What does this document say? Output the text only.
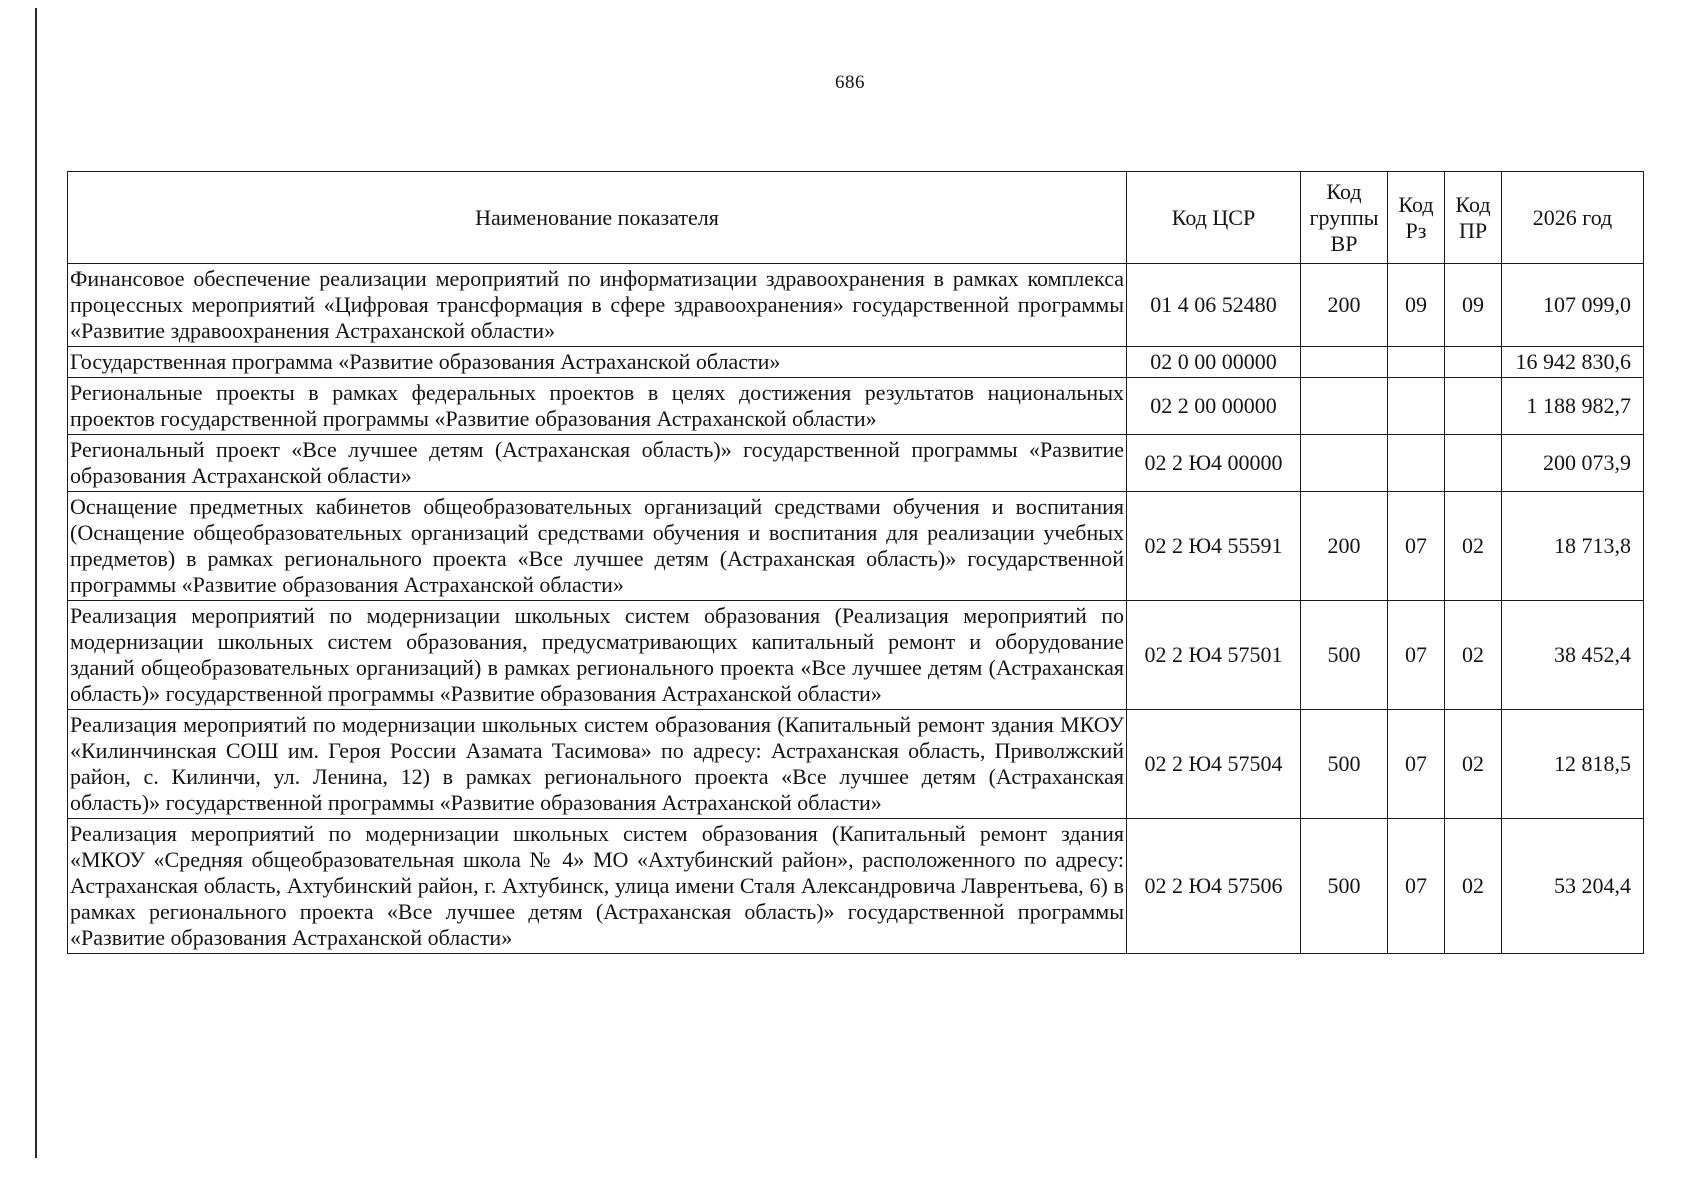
686
Наименование показателя	Код ЦСР	Код группы ВР	Код Рз	Код ПР	2026 год
Финансовое обеспечение реализации мероприятий по информатизации здравоохранения в рамках комплекса процессных мероприятий «Цифровая трансформация в сфере здравоохранения» государственной программы «Развитие здравоохранения Астраханской области»	01 4 06 52480	200	09	09	107 099,0
Государственная программа «Развитие образования Астраханской области»	02 0 00 00000				16 942 830,6
Региональные проекты в рамках федеральных проектов в целях достижения результатов национальных проектов государственной программы «Развитие образования Астраханской области»	02 2 00 00000				1 188 982,7
Региональный проект «Все лучшее детям (Астраханская область)» государственной программы «Развитие образования Астраханской области»	02 2 Ю4 00000				200 073,9
Оснащение предметных кабинетов общеобразовательных организаций средствами обучения и воспитания (Оснащение общеобразовательных организаций средствами обучения и воспитания для реализации учебных предметов) в рамках регионального проекта «Все лучшее детям (Астраханская область)» государственной программы «Развитие образования Астраханской области»	02 2 Ю4 55591	200	07	02	18 713,8
Реализация мероприятий по модернизации школьных систем образования (Реализация мероприятий по модернизации школьных систем образования, предусматривающих капитальный ремонт и оборудование зданий общеобразовательных организаций) в рамках регионального проекта «Все лучшее детям (Астраханская область)» государственной программы «Развитие образования Астраханской области»	02 2 Ю4 57501	500	07	02	38 452,4
Реализация мероприятий по модернизации школьных систем образования (Капитальный ремонт здания МКОУ «Килинчинская СОШ им. Героя России Азамата Тасимова» по адресу: Астраханская область, Приволжский район, с. Килинчи, ул. Ленина, 12) в рамках регионального проекта «Все лучшее детям (Астраханская область)» государственной программы «Развитие образования Астраханской области»	02 2 Ю4 57504	500	07	02	12 818,5
Реализация мероприятий по модернизации школьных систем образования (Капитальный ремонт здания «МКОУ «Средняя общеобразовательная школа № 4» МО «Ахтубинский район», расположенного по адресу: Астраханская область, Ахтубинский район, г. Ахтубинск, улица имени Сталя Александровича Лаврентьева, 6) в рамках регионального проекта «Все лучшее детям (Астраханская область)» государственной программы «Развитие образования Астраханской области»	02 2 Ю4 57506	500	07	02	53 204,4
